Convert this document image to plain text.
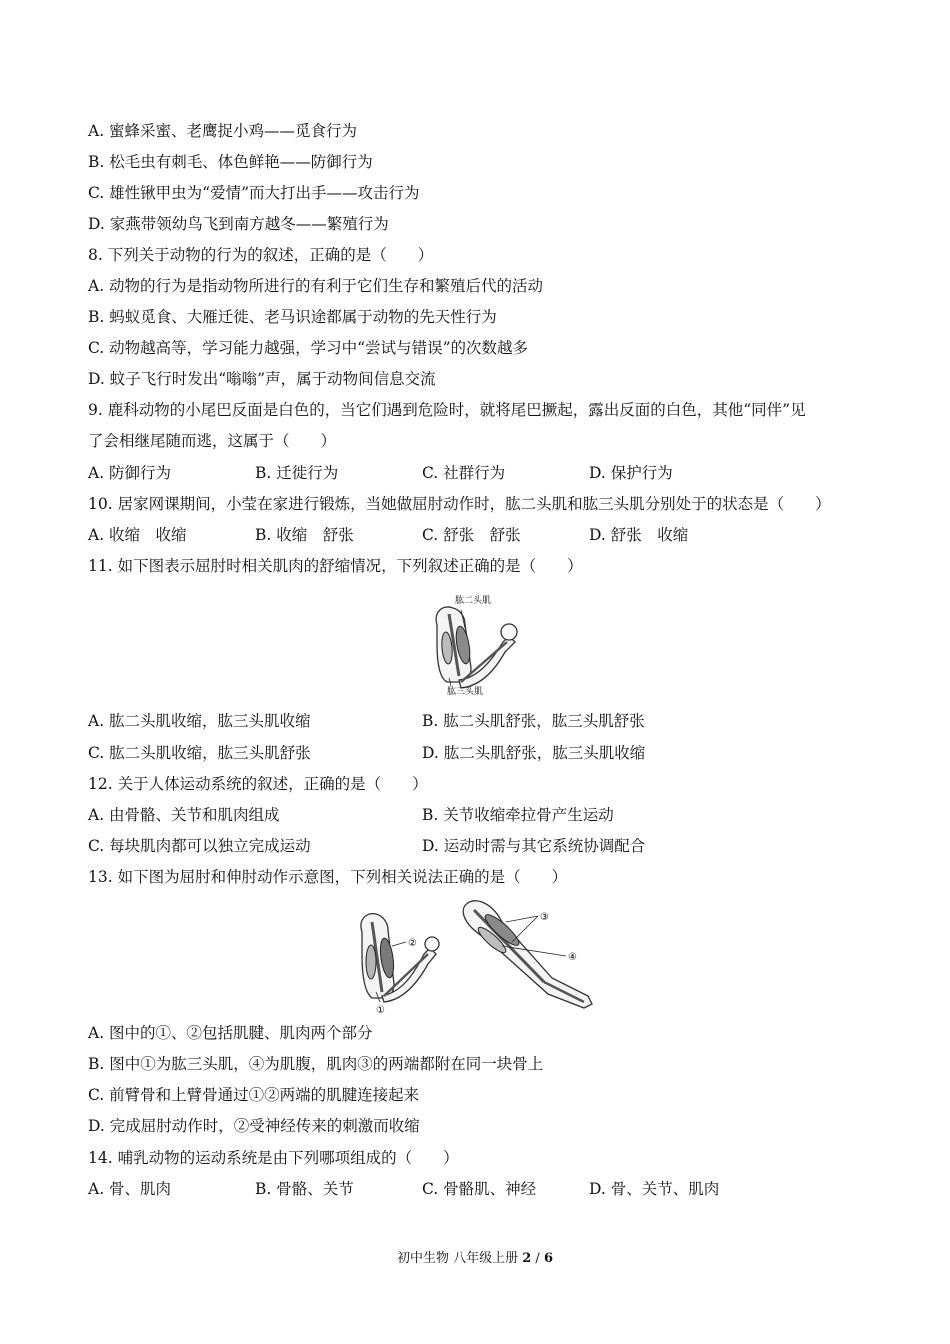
A. 蜜蜂采蜜、老鹰捉小鸡——觅食行为
B. 松毛虫有刺毛、体色鲜艳——防御行为
C. 雄性锹甲虫为“爱情”而大打出手——攻击行为
D. 家燕带领幼鸟飞到南方越冬——繁殖行为
8. 下列关于动物的行为的叙述，正确的是（　　）
A. 动物的行为是指动物所进行的有利于它们生存和繁殖后代的活动
B. 蚂蚁觅食、大雁迁徙、老马识途都属于动物的先天性行为
C. 动物越高等，学习能力越强，学习中“尝试与错误”的次数越多
D. 蚊子飞行时发出“嗡嗡”声，属于动物间信息交流
9. 鹿科动物的小尾巴反面是白色的，当它们遇到危险时，就将尾巴撅起，露出反面的白色，其他“同伴”见
了会相继尾随而逃，这属于（　　）
A. 防御行为	B. 迁徙行为	C. 社群行为	D. 保护行为
10. 居家网课期间，小莹在家进行锻炼，当她做屈肘动作时，肱二头肌和肱三头肌分别处于的状态是（　　）
A. 收缩　收缩	B. 收缩　舒张	C. 舒张　舒张	D. 舒张　收缩
11. 如下图表示屈肘时相关肌肉的舒缩情况，下列叙述正确的是（　　）
肱二头肌
肱三头肌
A. 肱二头肌收缩，肱三头肌收缩	B. 肱二头肌舒张，肱三头肌舒张
C. 肱二头肌收缩，肱三头肌舒张	D. 肱二头肌舒张，肱三头肌收缩
12. 关于人体运动系统的叙述，正确的是（　　）
A. 由骨骼、关节和肌肉组成	B. 关节收缩牵拉骨产生运动
C. 每块肌肉都可以独立完成运动	D. 运动时需与其它系统协调配合
13. 如下图为屈肘和伸肘动作示意图，下列相关说法正确的是（　　）
②
①
③
④
A. 图中的①、②包括肌腱、肌肉两个部分
B. 图中①为肱三头肌，④为肌腹，肌肉③的两端都附在同一块骨上
C. 前臂骨和上臂骨通过①②两端的肌腱连接起来
D. 完成屈肘动作时，②受神经传来的刺激而收缩
14. 哺乳动物的运动系统是由下列哪项组成的（　　）
A. 骨、肌肉	B. 骨骼、关节	C. 骨骼肌、神经	D. 骨、关节、肌肉
初中生物 八年级上册 2 / 6
